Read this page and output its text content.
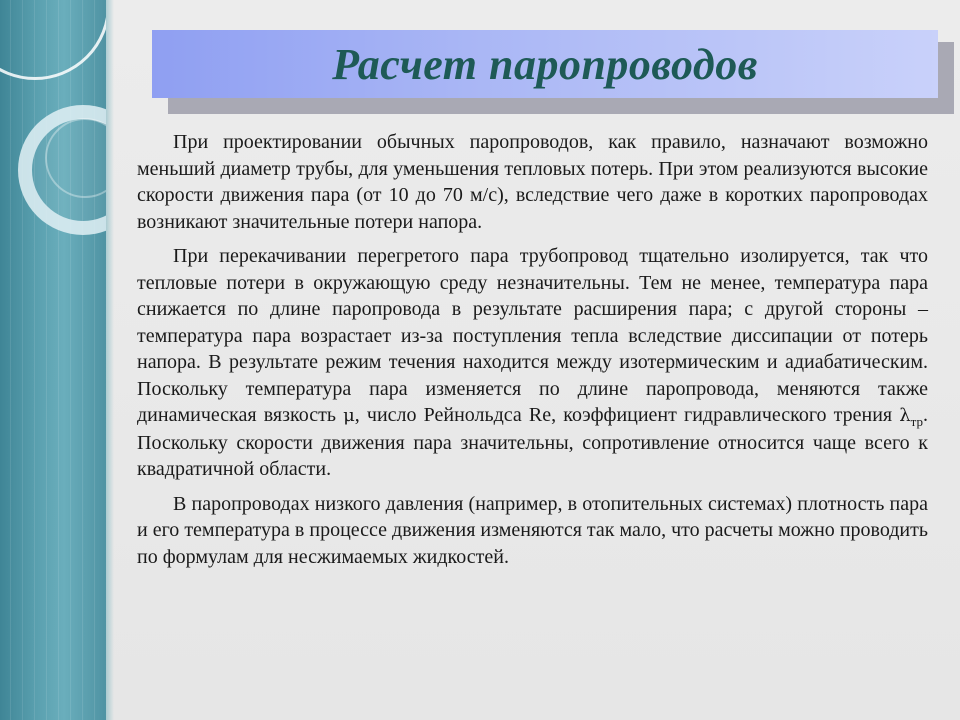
Расчет паропроводов

При проектировании обычных паропроводов, как правило, назначают возможно меньший диаметр трубы, для уменьшения тепловых потерь. При этом реализуются высокие скорости движения пара (от 10 до 70 м/с), вследствие чего даже в коротких паропроводах возникают значительные потери напора.

При перекачивании перегретого пара трубопровод тщательно изолируется, так что тепловые потери в окружающую среду незначительны. Тем не менее, температура пара снижается по длине паропровода в результате расширения пара; с другой стороны – температура пара возрастает из-за поступления тепла вследствие диссипации от потерь напора. В результате режим течения находится между изотермическим и адиабатическим. Поскольку температура пара изменяется по длине паропровода, меняются также динамическая вязкость μ, число Рейнольдса Re, коэффициент гидравлического трения $\lambda_{тр}$. Поскольку скорости движения пара значительны, сопротивление относится чаще всего к квадратичной области.

В паропроводах низкого давления (например, в отопительных системах) плотность пара и его температура в процессе движения изменяются так мало, что расчеты можно проводить по формулам для несжимаемых жидкостей.
